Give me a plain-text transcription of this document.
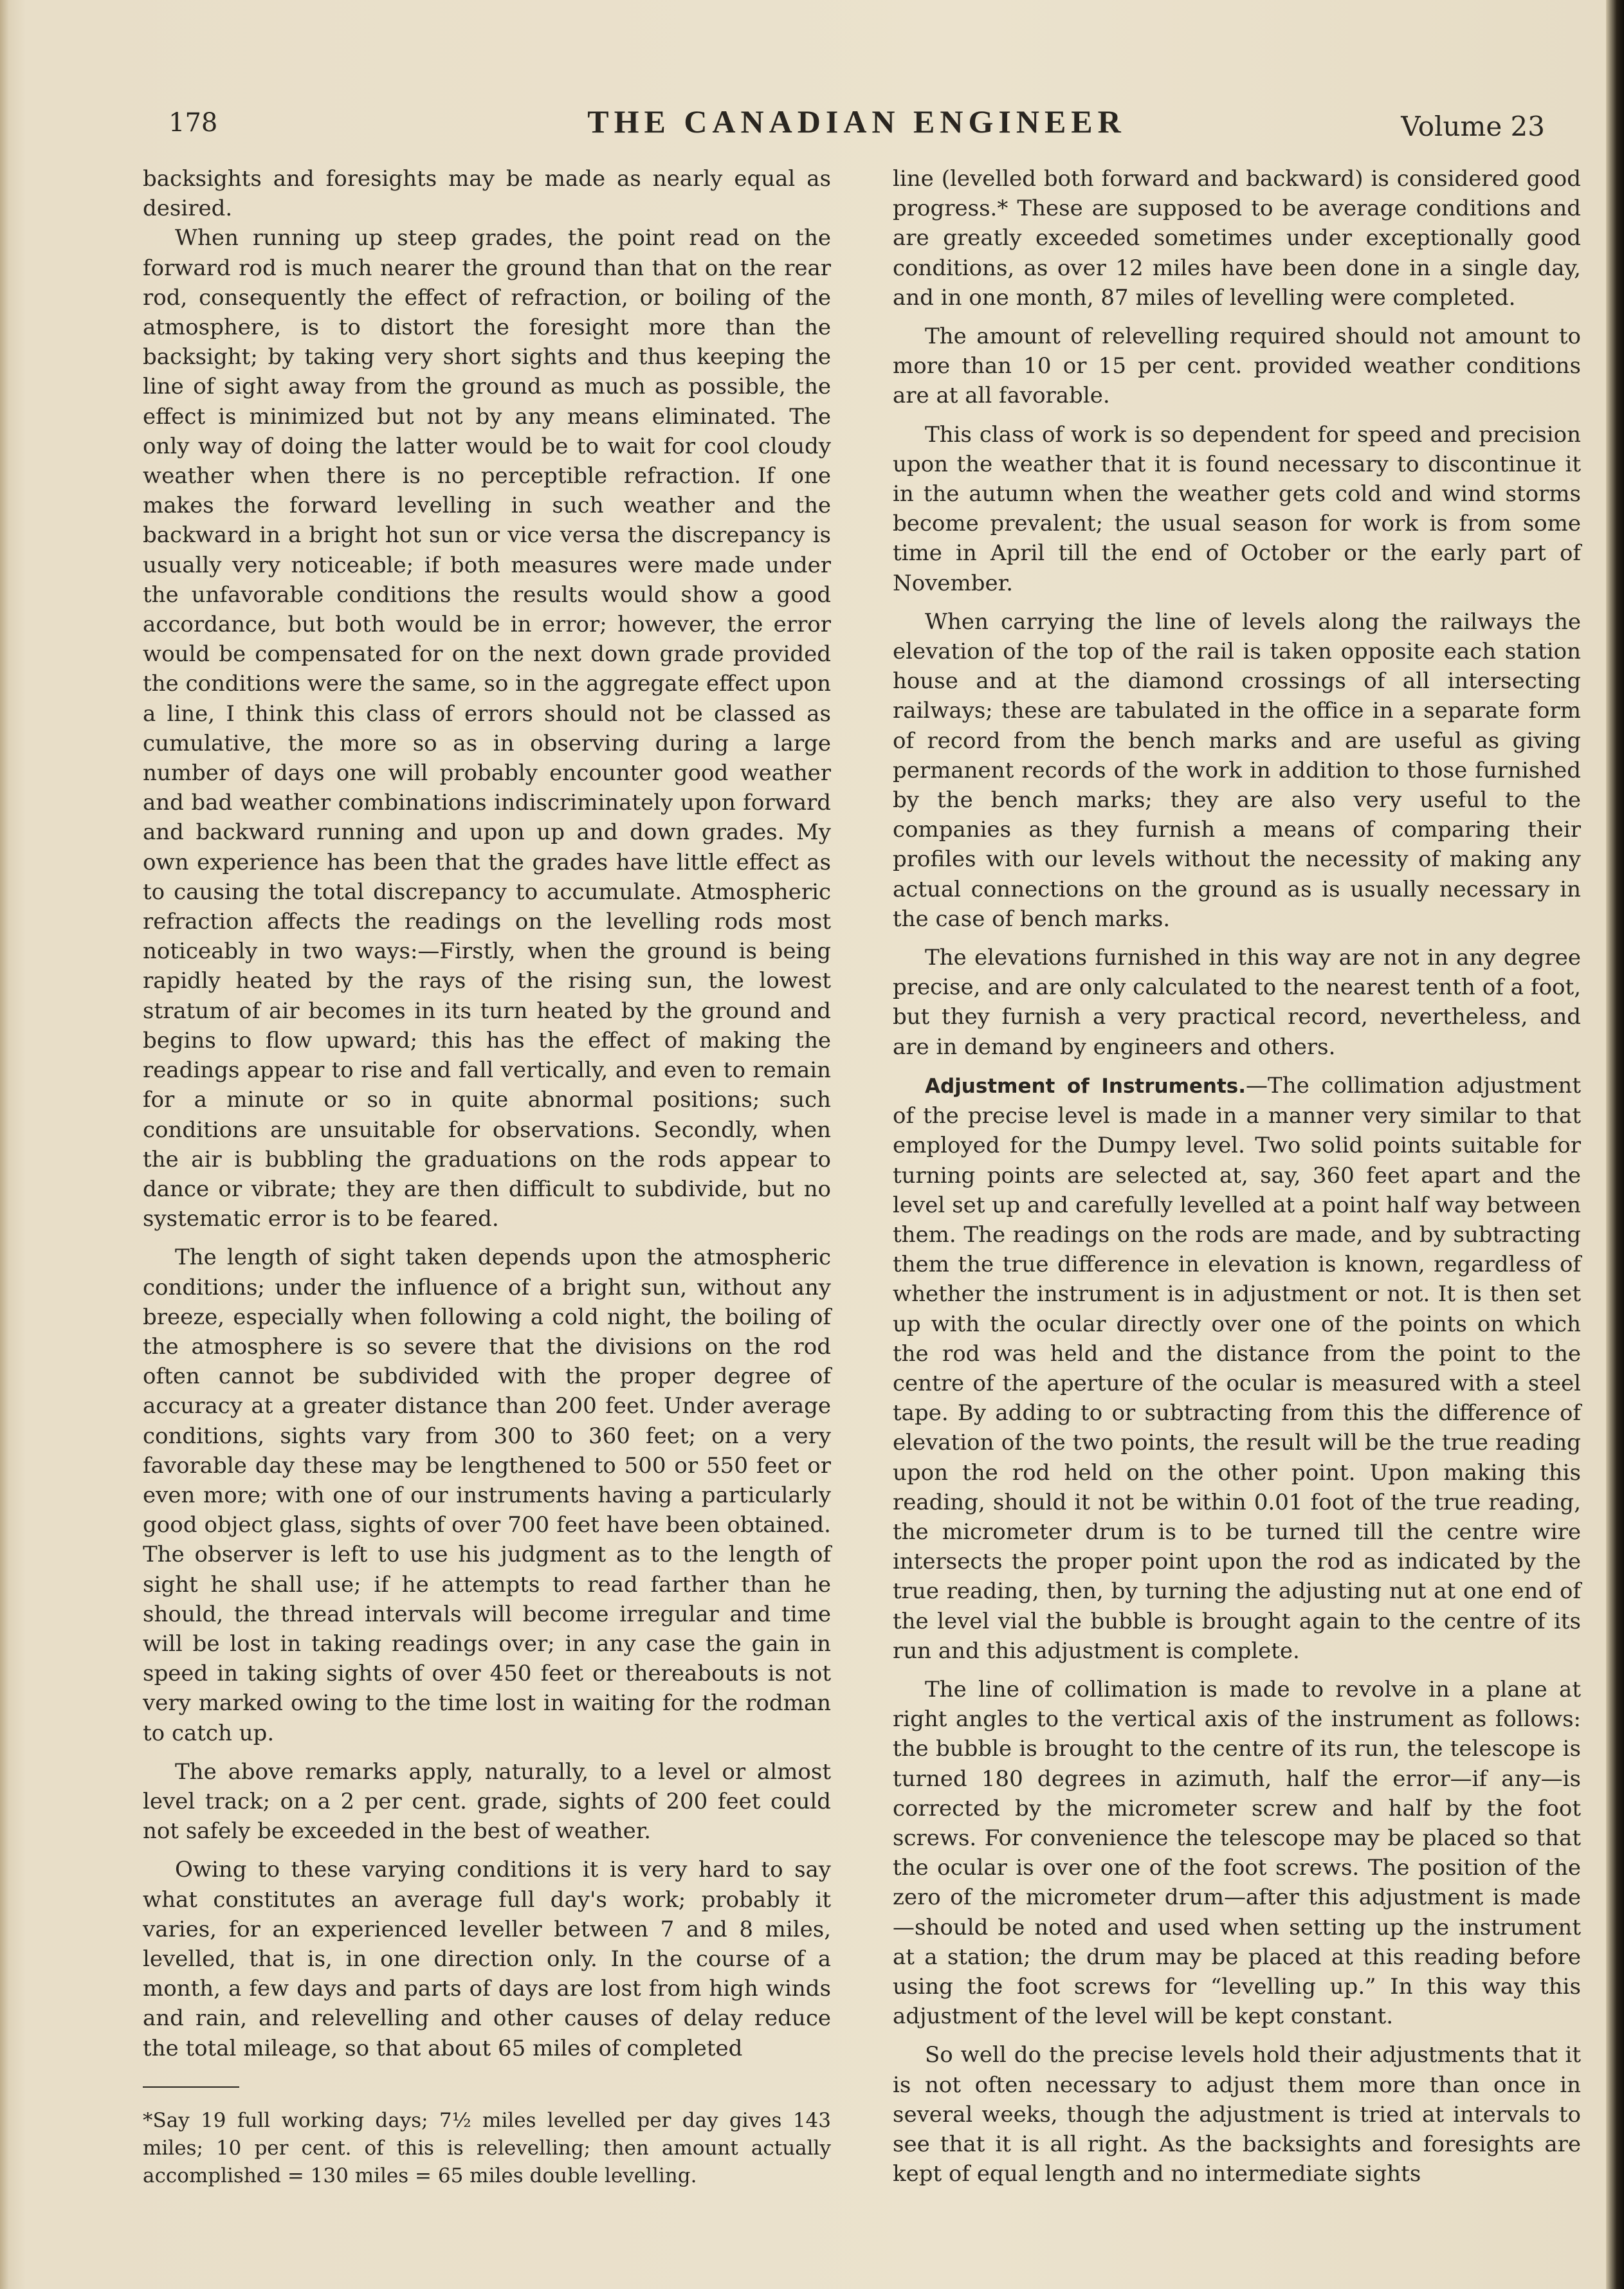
178	THE CANADIAN ENGINEER	Volume 23

backsights and foresights may be made as nearly equal as desired.

When running up steep grades, the point read on the forward rod is much nearer the ground than that on the rear rod, consequently the effect of refraction, or boiling of the atmosphere, is to distort the foresight more than the backsight; by taking very short sights and thus keeping the line of sight away from the ground as much as possible, the effect is minimized but not by any means eliminated. The only way of doing the latter would be to wait for cool cloudy weather when there is no perceptible refraction. If one makes the forward levelling in such weather and the backward in a bright hot sun or vice versa the discrepancy is usually very noticeable; if both measures were made under the unfavorable conditions the results would show a good accordance, but both would be in error; however, the error would be compensated for on the next down grade provided the conditions were the same, so in the aggregate effect upon a line, I think this class of errors should not be classed as cumulative, the more so as in observing during a large number of days one will probably encounter good weather and bad weather combinations indiscriminately upon forward and backward running and upon up and down grades. My own experience has been that the grades have little effect as to causing the total discrepancy to accumulate. Atmospheric refraction affects the readings on the levelling rods most noticeably in two ways:—Firstly, when the ground is being rapidly heated by the rays of the rising sun, the lowest stratum of air becomes in its turn heated by the ground and begins to flow upward; this has the effect of making the readings appear to rise and fall vertically, and even to remain for a minute or so in quite abnormal positions; such conditions are unsuitable for observations. Secondly, when the air is bubbling the graduations on the rods appear to dance or vibrate; they are then difficult to subdivide, but no systematic error is to be feared.

The length of sight taken depends upon the atmospheric conditions; under the influence of a bright sun, without any breeze, especially when following a cold night, the boiling of the atmosphere is so severe that the divisions on the rod often cannot be subdivided with the proper degree of accuracy at a greater distance than 200 feet. Under average conditions, sights vary from 300 to 360 feet; on a very favorable day these may be lengthened to 500 or 550 feet or even more; with one of our instruments having a particularly good object glass, sights of over 700 feet have been obtained. The observer is left to use his judgment as to the length of sight he shall use; if he attempts to read farther than he should, the thread intervals will become irregular and time will be lost in taking readings over; in any case the gain in speed in taking sights of over 450 feet or thereabouts is not very marked owing to the time lost in waiting for the rodman to catch up.

The above remarks apply, naturally, to a level or almost level track; on a 2 per cent. grade, sights of 200 feet could not safely be exceeded in the best of weather.

Owing to these varying conditions it is very hard to say what constitutes an average full day's work; probably it varies, for an experienced leveller between 7 and 8 miles, levelled, that is, in one direction only. In the course of a month, a few days and parts of days are lost from high winds and rain, and relevelling and other causes of delay reduce the total mileage, so that about 65 miles of completed

*Say 19 full working days; 7½ miles levelled per day gives 143 miles; 10 per cent. of this is relevelling; then amount actually accomplished = 130 miles = 65 miles double levelling.

line (levelled both forward and backward) is considered good progress.* These are supposed to be average conditions and are greatly exceeded sometimes under exceptionally good conditions, as over 12 miles have been done in a single day, and in one month, 87 miles of levelling were completed.

The amount of relevelling required should not amount to more than 10 or 15 per cent. provided weather conditions are at all favorable.

This class of work is so dependent for speed and precision upon the weather that it is found necessary to discontinue it in the autumn when the weather gets cold and wind storms become prevalent; the usual season for work is from some time in April till the end of October or the early part of November.

When carrying the line of levels along the railways the elevation of the top of the rail is taken opposite each station house and at the diamond crossings of all intersecting railways; these are tabulated in the office in a separate form of record from the bench marks and are useful as giving permanent records of the work in addition to those furnished by the bench marks; they are also very useful to the companies as they furnish a means of comparing their profiles with our levels without the necessity of making any actual connections on the ground as is usually necessary in the case of bench marks.

The elevations furnished in this way are not in any degree precise, and are only calculated to the nearest tenth of a foot, but they furnish a very practical record, nevertheless, and are in demand by engineers and others.

Adjustment of Instruments.—The collimation adjustment of the precise level is made in a manner very similar to that employed for the Dumpy level. Two solid points suitable for turning points are selected at, say, 360 feet apart and the level set up and carefully levelled at a point half way between them. The readings on the rods are made, and by subtracting them the true difference in elevation is known, regardless of whether the instrument is in adjustment or not. It is then set up with the ocular directly over one of the points on which the rod was held and the distance from the point to the centre of the aperture of the ocular is measured with a steel tape. By adding to or subtracting from this the difference of elevation of the two points, the result will be the true reading upon the rod held on the other point. Upon making this reading, should it not be within 0.01 foot of the true reading, the micrometer drum is to be turned till the centre wire intersects the proper point upon the rod as indicated by the true reading, then, by turning the adjusting nut at one end of the level vial the bubble is brought again to the centre of its run and this adjustment is complete.

The line of collimation is made to revolve in a plane at right angles to the vertical axis of the instrument as follows: the bubble is brought to the centre of its run, the telescope is turned 180 degrees in azimuth, half the error—if any—is corrected by the micrometer screw and half by the foot screws. For convenience the telescope may be placed so that the ocular is over one of the foot screws. The position of the zero of the micrometer drum—after this adjustment is made—should be noted and used when setting up the instrument at a station; the drum may be placed at this reading before using the foot screws for “levelling up.” In this way this adjustment of the level will be kept constant.

So well do the precise levels hold their adjustments that it is not often necessary to adjust them more than once in several weeks, though the adjustment is tried at intervals to see that it is all right. As the backsights and foresights are kept of equal length and no intermediate sights
